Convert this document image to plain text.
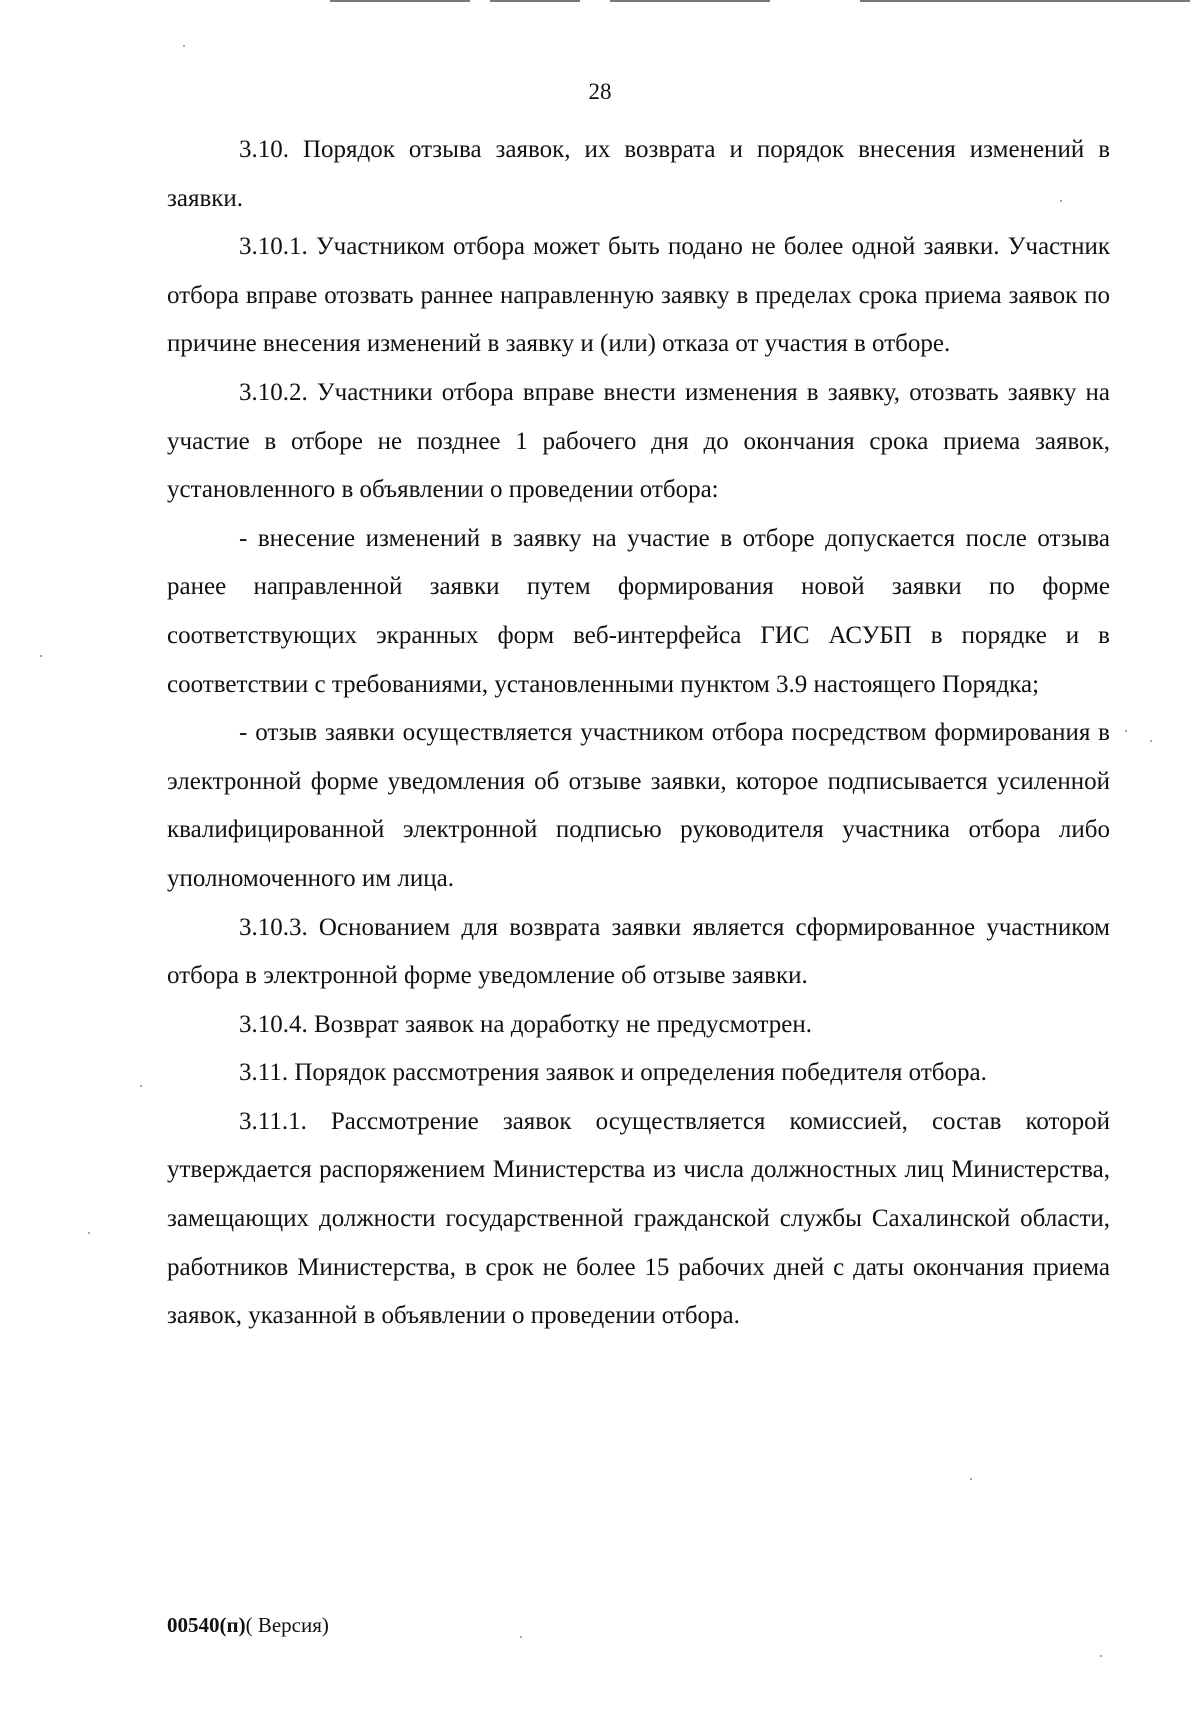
28

3.10. Порядок отзыва заявок, их возврата и порядок внесения изменений в заявки.

3.10.1. Участником отбора может быть подано не более одной заявки. Участник отбора вправе отозвать раннее направленную заявку в пределах срока приема заявок по причине внесения изменений в заявку и (или) отказа от участия в отборе.

3.10.2. Участники отбора вправе внести изменения в заявку, отозвать заявку на участие в отборе не позднее 1 рабочего дня до окончания срока приема заявок, установленного в объявлении о проведении отбора:

- внесение изменений в заявку на участие в отборе допускается после отзыва ранее направленной заявки путем формирования новой заявки по форме соответствующих экранных форм веб-интерфейса ГИС АСУБП в порядке и в соответствии с требованиями, установленными пунктом 3.9 настоящего Порядка;

- отзыв заявки осуществляется участником отбора посредством формирования в электронной форме уведомления об отзыве заявки, которое подписывается усиленной квалифицированной электронной подписью руководителя участника отбора либо уполномоченного им лица.

3.10.3. Основанием для возврата заявки является сформированное участником отбора в электронной форме уведомление об отзыве заявки.

3.10.4. Возврат заявок на доработку не предусмотрен.

3.11. Порядок рассмотрения заявок и определения победителя отбора.

3.11.1. Рассмотрение заявок осуществляется комиссией, состав которой утверждается распоряжением Министерства из числа должностных лиц Министерства, замещающих должности государственной гражданской службы Сахалинской области, работников Министерства, в срок не более 15 рабочих дней с даты окончания приема заявок, указанной в объявлении о проведении отбора.

00540(п)( Версия)
